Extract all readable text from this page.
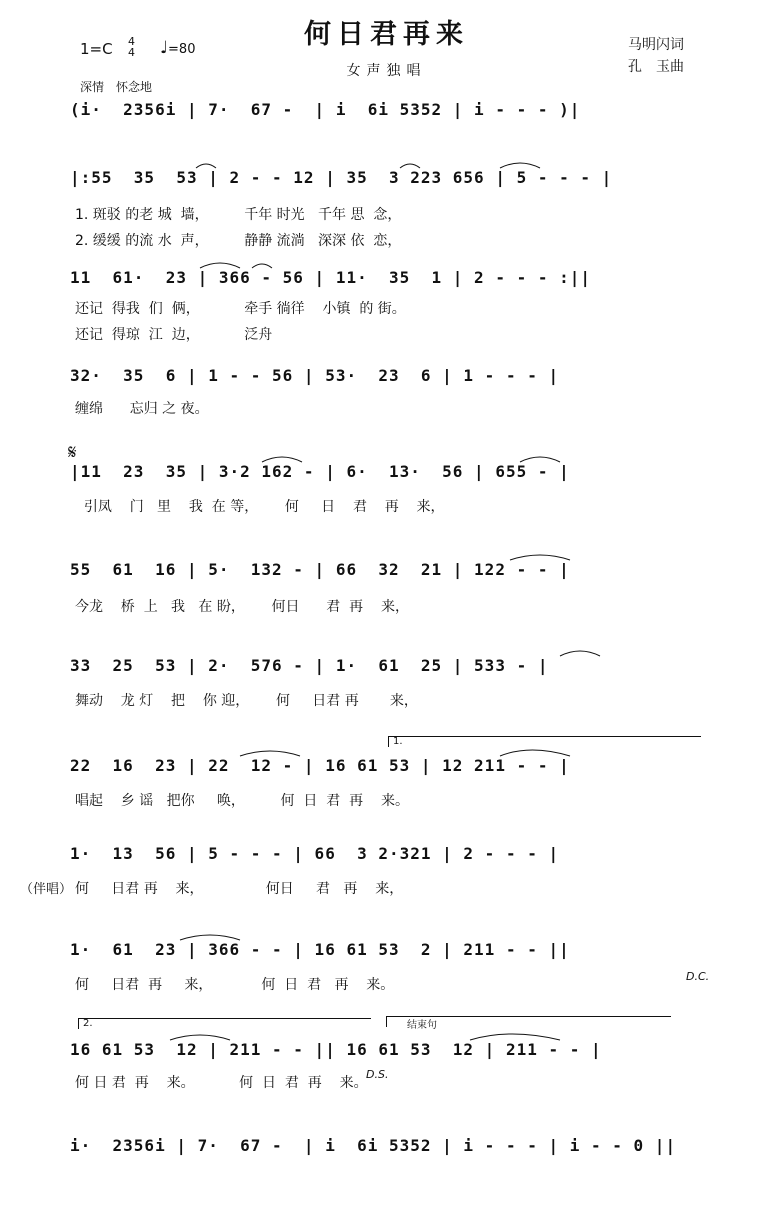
何日君再来
女声独唱
马明闪词
孔　玉曲
1=C 4
4 ♩=80
深情　怀念地
(i·  2356i | 7·  67 -  | i  6i 5352 | i - - - )|
|:55  35  53 | 2 - - 12 | 35  3 223 656 | 5 - - - |
1. 斑驳 的老 城  墙，        千年 时光   千年 思  念，
2. 缓缓 的流 水  声，        静静 流淌   深深 依  恋，
11  61·  23 | 366 - 56 | 11·  35  1 | 2 - - - :||
还记  得我  们  俩，          牵手 徜徉    小镇  的 街。
还记  得琼  江  边，          泛舟
32·  35  6 | 1 - - 56 | 53·  23  6 | 1 - - - |
缠绵      忘归 之 夜。
𝄋
|11  23  35 | 3·2 162 - | 6·  13·  56 | 655 - |
引凤    门   里    我  在 等，      何     日    君    再    来，
55  61  16 | 5·  132 - | 66  32  21 | 122 - - |
今龙    桥  上   我   在 盼，      何日      君  再    来，
33  25  53 | 2·  576 - | 1·  61  25 | 533 - |
舞动    龙 灯    把    你 迎，      何     日君 再       来，
1.
22  16  23 | 22  12 - | 16 61 53 | 12 211 - - |
唱起    乡 谣   把你     唤，        何  日  君  再    来。
1·  13  56 | 5 - - - | 66  3 2·321 | 2 - - - |
（伴唱） 何     日君 再    来，              何日     君   再    来，
1·  61  23 | 366 - - | 16 61 53  2 | 211 - - ||
何     日君  再     来，           何  日  君   再    来。
D.C.
2.	结束句
16 61 53  12 | 211 - - || 16 61 53  12 | 211 - - |
D.S.
何 日 君  再    来。          何  日  君  再    来。
i·  2356i | 7·  67 -  | i  6i 5352 | i - - - | i - - 0 ||
